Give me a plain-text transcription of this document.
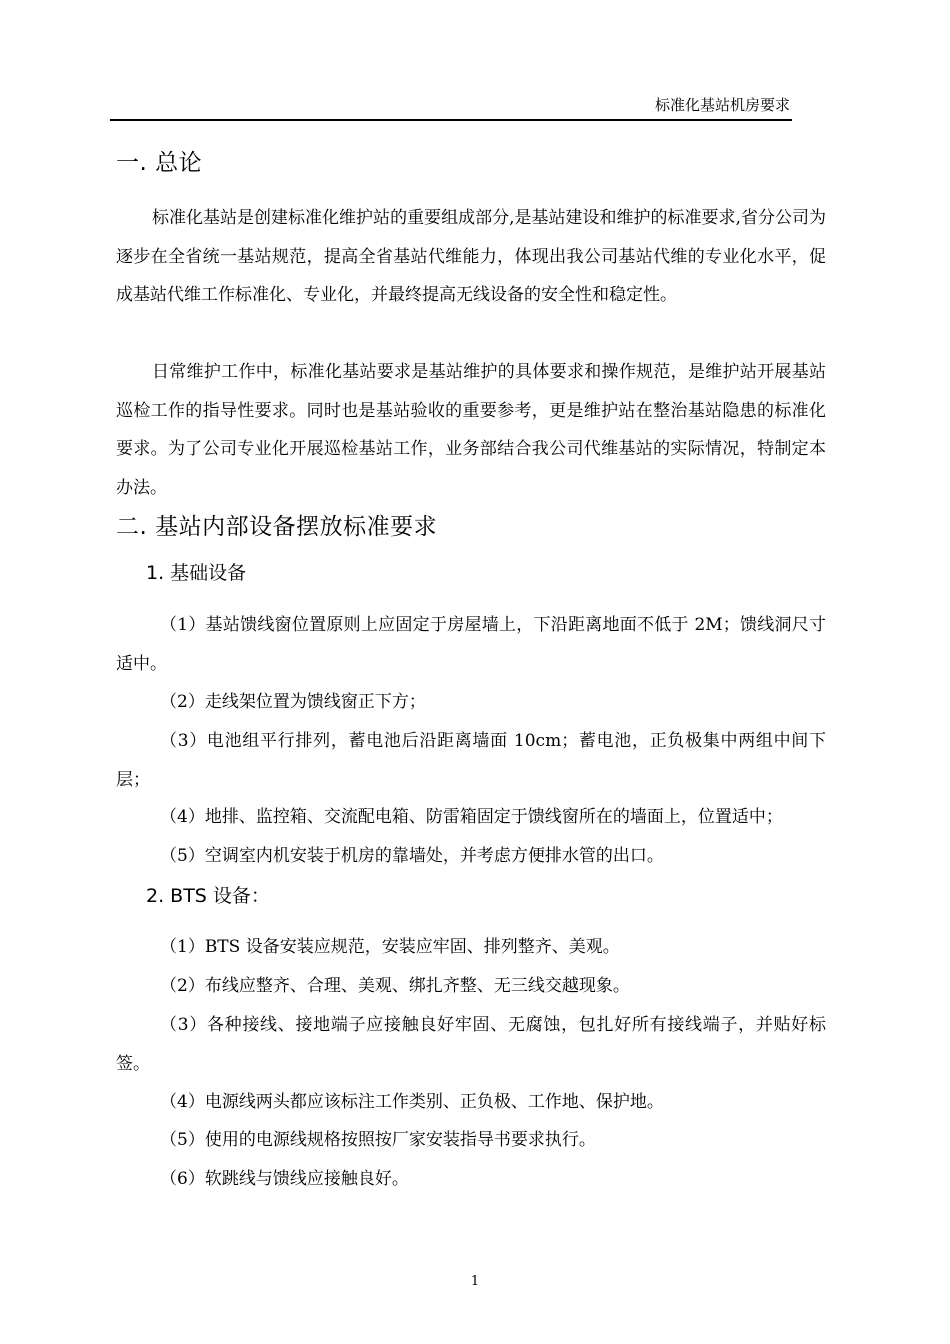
标准化基站机房要求
一. 总论

标准化基站是创建标准化维护站的重要组成部分,是基站建设和维护的标准要求,省分公司为逐步在全省统一基站规范，提高全省基站代维能力，体现出我公司基站代维的专业化水平，促成基站代维工作标准化、专业化，并最终提高无线设备的安全性和稳定性。

日常维护工作中，标准化基站要求是基站维护的具体要求和操作规范，是维护站开展基站巡检工作的指导性要求。同时也是基站验收的重要参考，更是维护站在整治基站隐患的标准化要求。为了公司专业化开展巡检基站工作，业务部结合我公司代维基站的实际情况，特制定本办法。

二. 基站内部设备摆放标准要求
1. 基础设备

（1）基站馈线窗位置原则上应固定于房屋墙上，下沿距离地面不低于 2M；馈线洞尺寸适中。

（2）走线架位置为馈线窗正下方；

（3）电池组平行排列，蓄电池后沿距离墙面 10cm；蓄电池，正负极集中两组中间下层；

（4）地排、监控箱、交流配电箱、防雷箱固定于馈线窗所在的墙面上，位置适中；

（5）空调室内机安装于机房的靠墙处，并考虑方便排水管的出口。

2. BTS 设备：

（1）BTS 设备安装应规范，安装应牢固、排列整齐、美观。

（2）布线应整齐、合理、美观、绑扎齐整、无三线交越现象。

（3）各种接线、接地端子应接触良好牢固、无腐蚀，包扎好所有接线端子，并贴好标签。

（4）电源线两头都应该标注工作类别、正负极、工作地、保护地。

（5）使用的电源线规格按照按厂家安装指导书要求执行。

（6）软跳线与馈线应接触良好。

1
